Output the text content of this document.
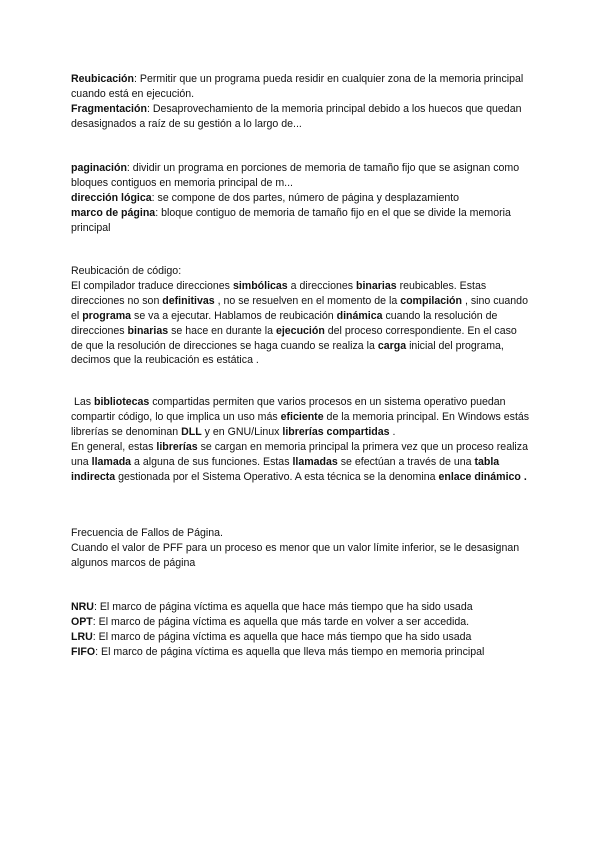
Reubicación: Permitir que un programa pueda residir en cualquier zona de la memoria principal cuando está en ejecución.

Fragmentación: Desaprovechamiento de la memoria principal debido a los huecos que quedan desasignados a raíz de su gestión a lo largo de...

paginación: dividir un programa en porciones de memoria de tamaño fijo que se asignan como bloques contiguos en memoria principal de m...

dirección lógica: se compone de dos partes, número de página y desplazamiento

marco de página: bloque contiguo de memoria de tamaño fijo en el que se divide la memoria principal

Reubicación de código:

El compilador traduce direcciones simbólicas a direcciones binarias reubicables. Estas direcciones no son definitivas , no se resuelven en el momento de la compilación , sino cuando el programa se va a ejecutar. Hablamos de reubicación dinámica cuando la resolución de direcciones binarias se hace en durante la ejecución del proceso correspondiente. En el caso de que la resolución de direcciones se haga cuando se realiza la carga inicial del programa, decimos que la reubicación es estática .

Las bibliotecas compartidas permiten que varios procesos en un sistema operativo puedan compartir código, lo que implica un uso más eficiente de la memoria principal. En Windows estás librerías se denominan DLL y en GNU/Linux librerías compartidas .

En general, estas librerías se cargan en memoria principal la primera vez que un proceso realiza una llamada a alguna de sus funciones. Estas llamadas se efectúan a través de una tabla indirecta gestionada por el Sistema Operativo. A esta técnica se la denomina enlace dinámico .

Frecuencia de Fallos de Página.

Cuando el valor de PFF para un proceso es menor que un valor límite inferior, se le desasignan algunos marcos de página

NRU: El marco de página víctima es aquella que hace más tiempo que ha sido usada

OPT: El marco de página víctima es aquella que más tarde en volver a ser accedida.

LRU: El marco de página víctima es aquella que hace más tiempo que ha sido usada

FIFO: El marco de página víctima es aquella que lleva más tiempo en memoria principal
